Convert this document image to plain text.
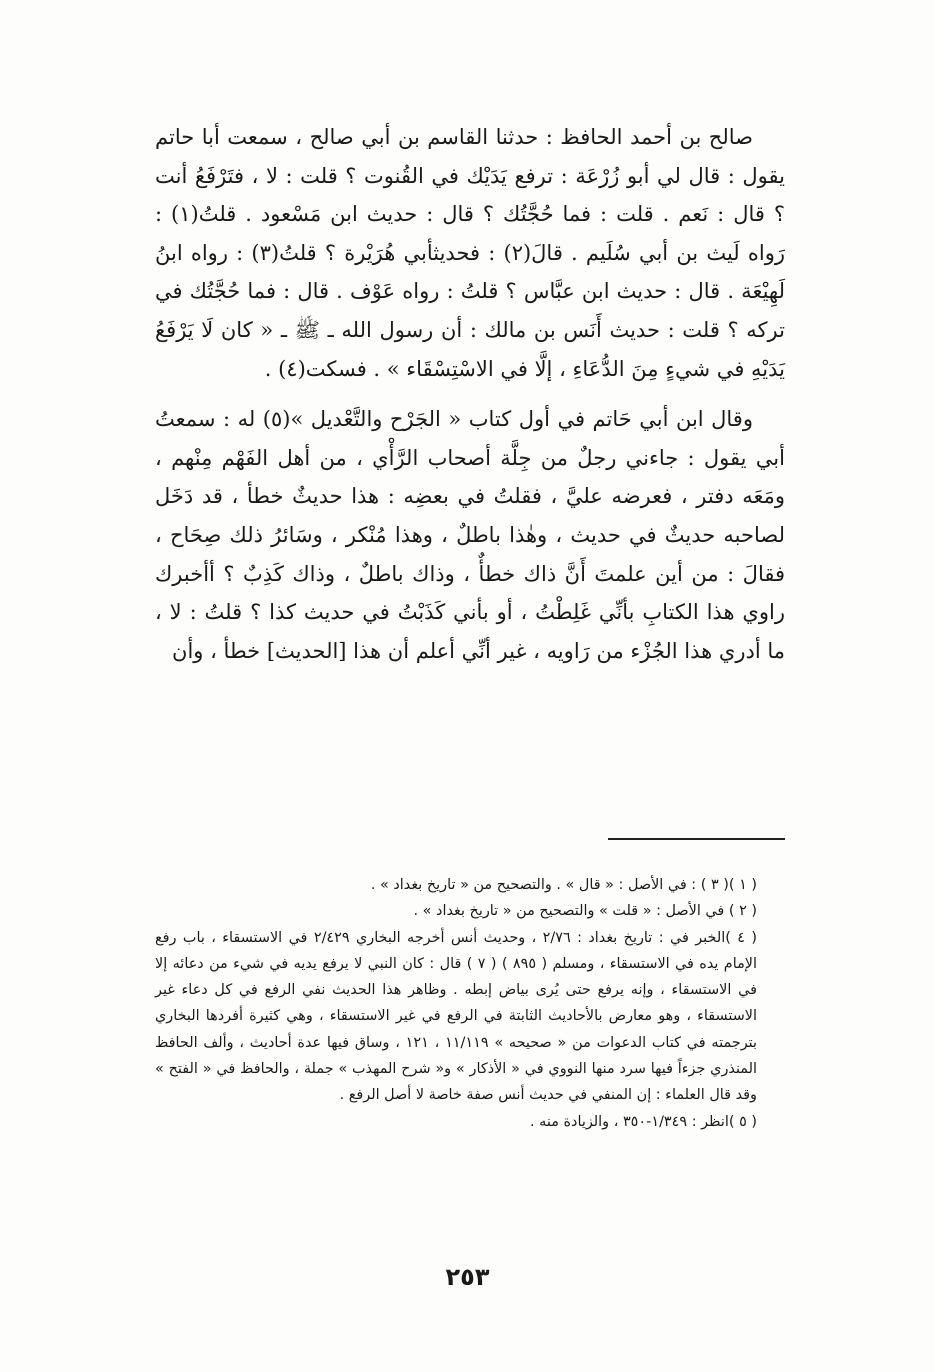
صالح بن أحمد الحافظ : حدثنا القاسم بن أبي صالح ، سمعت أبا حاتم يقول : قال لي أبو زُرْعَة : ترفع يَدَيْك في القُنوت ؟ قلت : لا ، فتَرْفَعُ أنت ؟ قال : نَعم . قلت : فما حُجَّتُك ؟ قال : حديث ابن مَسْعود . قلتُ(١) : رَواه لَيث بن أبي سُلَيم . قالَ(٢) : فحديثأبي هُرَيْرة ؟ قلتُ(٣) : رواه ابنُ لَهِيْعَة . قال : حديث ابن عبَّاس ؟ قلتُ : رواه عَوْف . قال : فما حُجَّتُك في تركه ؟ قلت : حديث أَنَس بن مالك : أن رسول الله ـ ﷺ ـ « كان لَا يَرْفَعُ يَدَيْهِ في شيءٍ مِنَ الدُّعَاءِ ، إلَّا في الاسْتِسْقَاء » . فسكت(٤) .

وقال ابن أبي حَاتم في أول كتاب « الجَرْح والتَّعْديل »(٥) له : سمعتُ أبي يقول : جاءني رجلٌ من جِلَّة أصحاب الرَّأْي ، من أهل الفَهْم مِنْهم ، ومَعَه دفتر ، فعرضه عليَّ ، فقلتُ في بعضِه : هذا حديثٌ خطأ ، قد دَخَل لصاحبه حديثٌ في حديث ، وهٰذا باطلٌ ، وهذا مُنْكر ، وسَائرُ ذلك صِحَاح ، فقالَ : من أين علمتَ أَنَّ ذاك خطأٌ ، وذاك باطلٌ ، وذاك كَذِبٌ ؟ أأخبرك راوي هذا الكتابِ بأنِّي غَلِطْتُ ، أو بأني كَذَبْتُ في حديث كذا ؟ قلتُ : لا ، ما أدري هذا الجُزْء من رَاويه ، غير أنِّي أعلم أن هذا [الحديث] خطأ ، وأن

( ١ )( ٣ ) : في الأصل : « قال » . والتصحيح من « تاريخ بغداد » .

( ٢ ) في الأصل : « قلت » والتصحيح من « تاريخ بغداد » .

( ٤ )الخبر في : تاريخ بغداد : ٢/٧٦ ، وحديث أنس أخرجه البخاري ٢/٤٢٩ في الاستسقاء ، باب رفع الإمام يده في الاستسقاء ، ومسلم ( ٨٩٥ ) ( ٧ ) قال : كان النبي لا يرفع يديه في شيء من دعائه إلا في الاستسقاء ، وإنه يرفع حتى يُرى بياض إبطه . وظاهر هذا الحديث نفي الرفع في كل دعاء غير الاستسقاء ، وهو معارض بالأحاديث الثابتة في الرفع في غير الاستسقاء ، وهي كثيرة أفردها البخاري بترجمته في كتاب الدعوات من « صحيحه » ١١/١١٩ ، ١٢١ ، وساق فيها عدة أحاديث ، وألف الحافظ المنذري جزءاً فيها سرد منها النووي في « الأذكار » و« شرح المهذب » جملة ، والحافظ في « الفتح » وقد قال العلماء : إن المنفي في حديث أنس صفة خاصة لا أصل الرفع .

( ٥ )انظر : ١/٣٤٩-٣٥٠ ، والزيادة منه .

٢٥٣
